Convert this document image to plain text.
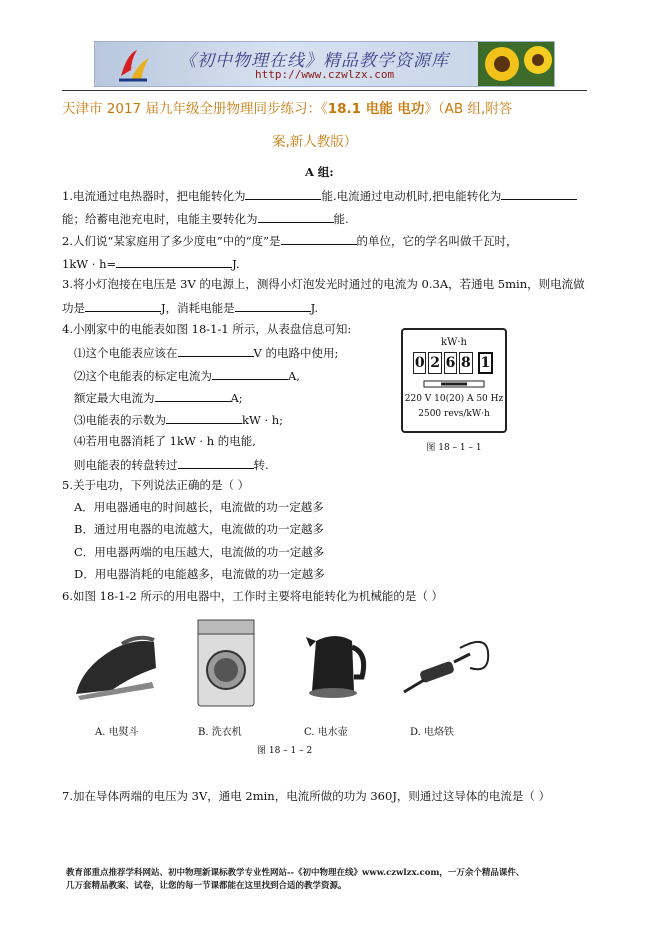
《初中物理在线》精品教学资源库
http://www.czwlzx.com
天津市 2017 届九年级全册物理同步练习：《18.1 电能 电功》（AB 组,附答
案,新人教版）
A 组:
1.电流通过电热器时，把电能转化为	能.电流通过电动机时,把电能转化为
能；给蓄电池充电时，电能主要转化为	能.
2.人们说“某家庭用了多少度电”中的“度”是	的单位，它的学名叫做千瓦时，
1kW · h=	J.
3.将小灯泡接在电压是 3V 的电源上，测得小灯泡发光时通过的电流为 0.3A，若通电 5min，则电流做
功是	J，消耗电能是	J.
4.小刚家中的电能表如图 18-1-1 所示，从表盘信息可知:
⑴这个电能表应该在	V 的电路中使用;
⑵这个电能表的标定电流为	A,
额定最大电流为	A;
⑶电能表的示数为	kW · h;
⑷若用电器消耗了 1kW · h 的电能,
则电能表的转盘转过	转.
kW·h
0 2 6 8 1
220 V 10(20) A 50 Hz
2500 revs/kW·h
图 18 – 1 – 1
5.关于电功，下列说法正确的是（ ）
A．用电器通电的时间越长，电流做的功一定越多
B．通过用电器的电流越大，电流做的功一定越多
C．用电器两端的电压越大，电流做的功一定越多
D．用电器消耗的电能越多，电流做的功一定越多
6.如图 18-1-2 所示的用电器中，工作时主要将电能转化为机械能的是（ ）
A. 电熨斗	B. 洗衣机	C. 电水壶	D. 电烙铁
图 18 – 1 – 2
7.加在导体两端的电压为 3V，通电 2min，电流所做的功为 360J，则通过这导体的电流是（ ）
教育部重点推荐学科网站、初中物理新课标教学专业性网站--《初中物理在线》www.czwlzx.com，一万余个精品课件、
几万套精品教案、试卷，让您的每一节课都能在这里找到合适的教学资源。
